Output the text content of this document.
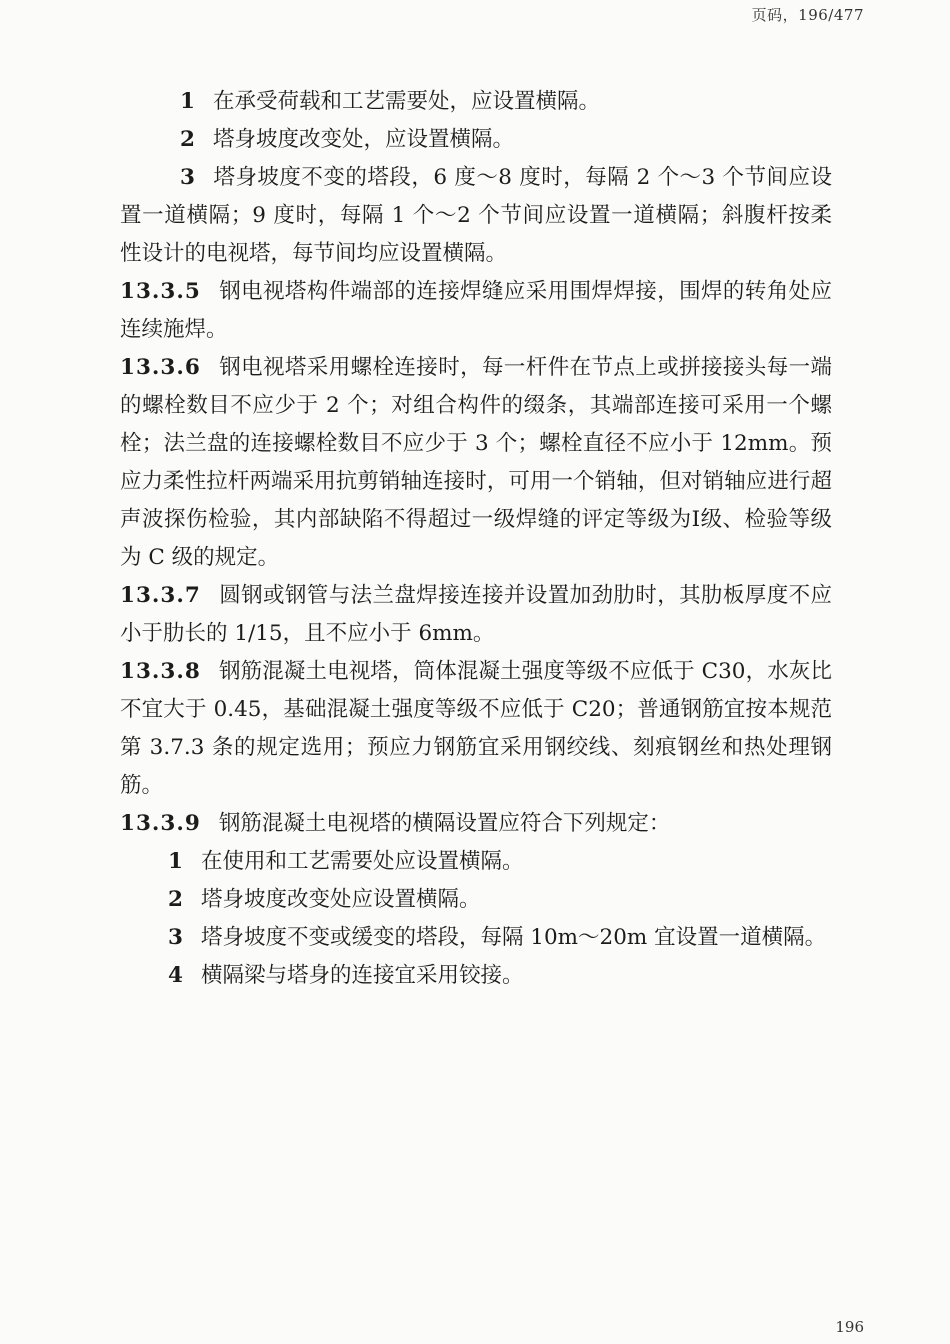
页码，196/477

1 在承受荷载和工艺需要处，应设置横隔。

2 塔身坡度改变处，应设置横隔。

3 塔身坡度不变的塔段，6 度～8 度时，每隔 2 个～3 个节间应设置一道横隔；9 度时，每隔 1 个～2 个节间应设置一道横隔；斜腹杆按柔性设计的电视塔，每节间均应设置横隔。

13.3.5 钢电视塔构件端部的连接焊缝应采用围焊焊接，围焊的转角处应连续施焊。

13.3.6 钢电视塔采用螺栓连接时，每一杆件在节点上或拼接接头每一端的螺栓数目不应少于 2 个；对组合构件的缀条，其端部连接可采用一个螺栓；法兰盘的连接螺栓数目不应少于 3 个；螺栓直径不应小于 12mm。预应力柔性拉杆两端采用抗剪销轴连接时，可用一个销轴，但对销轴应进行超声波探伤检验，其内部缺陷不得超过一级焊缝的评定等级为Ⅰ级、检验等级为 C 级的规定。

13.3.7 圆钢或钢管与法兰盘焊接连接并设置加劲肋时，其肋板厚度不应小于肋长的 1/15，且不应小于 6mm。

13.3.8 钢筋混凝土电视塔，筒体混凝土强度等级不应低于 C30，水灰比不宜大于 0.45，基础混凝土强度等级不应低于 C20；普通钢筋宜按本规范第 3.7.3 条的规定选用；预应力钢筋宜采用钢绞线、刻痕钢丝和热处理钢筋。

13.3.9 钢筋混凝土电视塔的横隔设置应符合下列规定：

1 在使用和工艺需要处应设置横隔。

2 塔身坡度改变处应设置横隔。

3 塔身坡度不变或缓变的塔段，每隔 10m～20m 宜设置一道横隔。

4 横隔梁与塔身的连接宜采用铰接。

196
